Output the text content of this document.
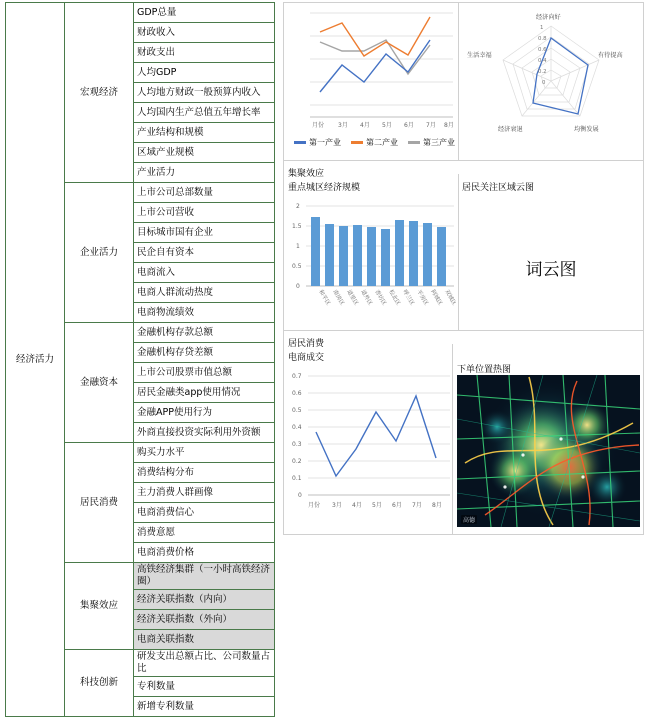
经济活力	宏观经济	GDP总量
		财政收入
		财政支出
		人均GDP
		人均地方财政一般预算内收入
		人均国内生产总值五年增长率
		产业结构和规模
		区域产业规模
		产业活力
	企业活力	上市公司总部数量
		上市公司营收
		目标城市国有企业
		民企自有资本
		电商流入
		电商人群流动热度
		电商物流绩效
	金融资本	金融机构存款总额
		金融机构存贷差额
		上市公司股票市值总额
		居民金融类app使用情况
		金融APP使用行为
		外商直接投资实际利用外资额
	居民消费	购买力水平
		消费结构分布
		主力消费人群画像
		电商消费信心
		消费意愿
		电商消费价格
	集聚效应	高铁经济集群（一小时高铁经济圈）
		经济关联指数（内向）
		经济关联指数（外向）
		电商关联指数
	科技创新	研发支出总额占比、公司数量占比
		专利数量
		新增专利数量
月份 3月 4月 5月 6月 7月 8月
第一产业	第二产业	第三产业
经济向好
有待提高
均衡发展
经济衰退
生活幸福
1
0.8
0.6
0.4
0.2
0
集聚效应
重点城区经济规模	居民关注区域云图
2
1.5
1
0.5
0
和平区 南岗区 道里区 道外区 香坊区 松北区 呼兰区 平房区 阿城区 双城区
词云图
居民消费
电商成交
下单位置热图
0.7
0.6
0.5
0.4
0.3
0.2
0.1
0
月份 3月 4月 5月 6月 7月 8月
高德
